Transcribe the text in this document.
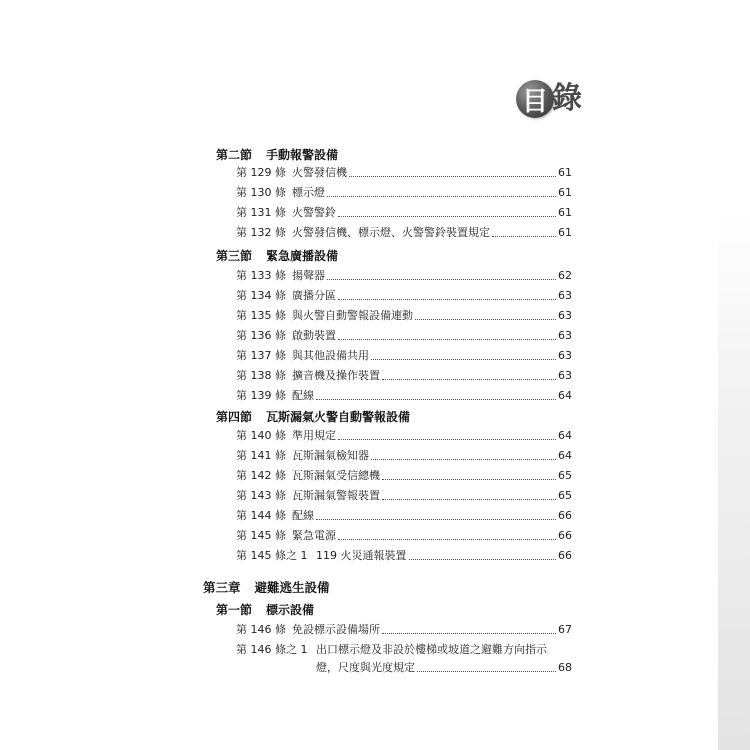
目 錄
第二節 手動報警設備
第 129 條 火警發信機	61
第 130 條 標示燈	61
第 131 條 火警警鈴	61
第 132 條 火警發信機、標示燈、火警警鈴裝置規定	61
第三節 緊急廣播設備
第 133 條 揚聲器	62
第 134 條 廣播分區	63
第 135 條 與火警自動警報設備連動	63
第 136 條 啟動裝置	63
第 137 條 與其他設備共用	63
第 138 條 擴音機及操作裝置	63
第 139 條 配線	64
第四節 瓦斯漏氣火警自動警報設備
第 140 條 準用規定	64
第 141 條 瓦斯漏氣檢知器	64
第 142 條 瓦斯漏氣受信總機	65
第 143 條 瓦斯漏氣警報裝置	65
第 144 條 配線	66
第 145 條 緊急電源	66
第 145 條之 1 119 火災通報裝置	66
第三章 避難逃生設備
第一節 標示設備
第 146 條 免設標示設備場所	67
第 146 條之 1 出口標示燈及非設於樓梯或坡道之避難方向指示
燈，尺度與光度規定	68
